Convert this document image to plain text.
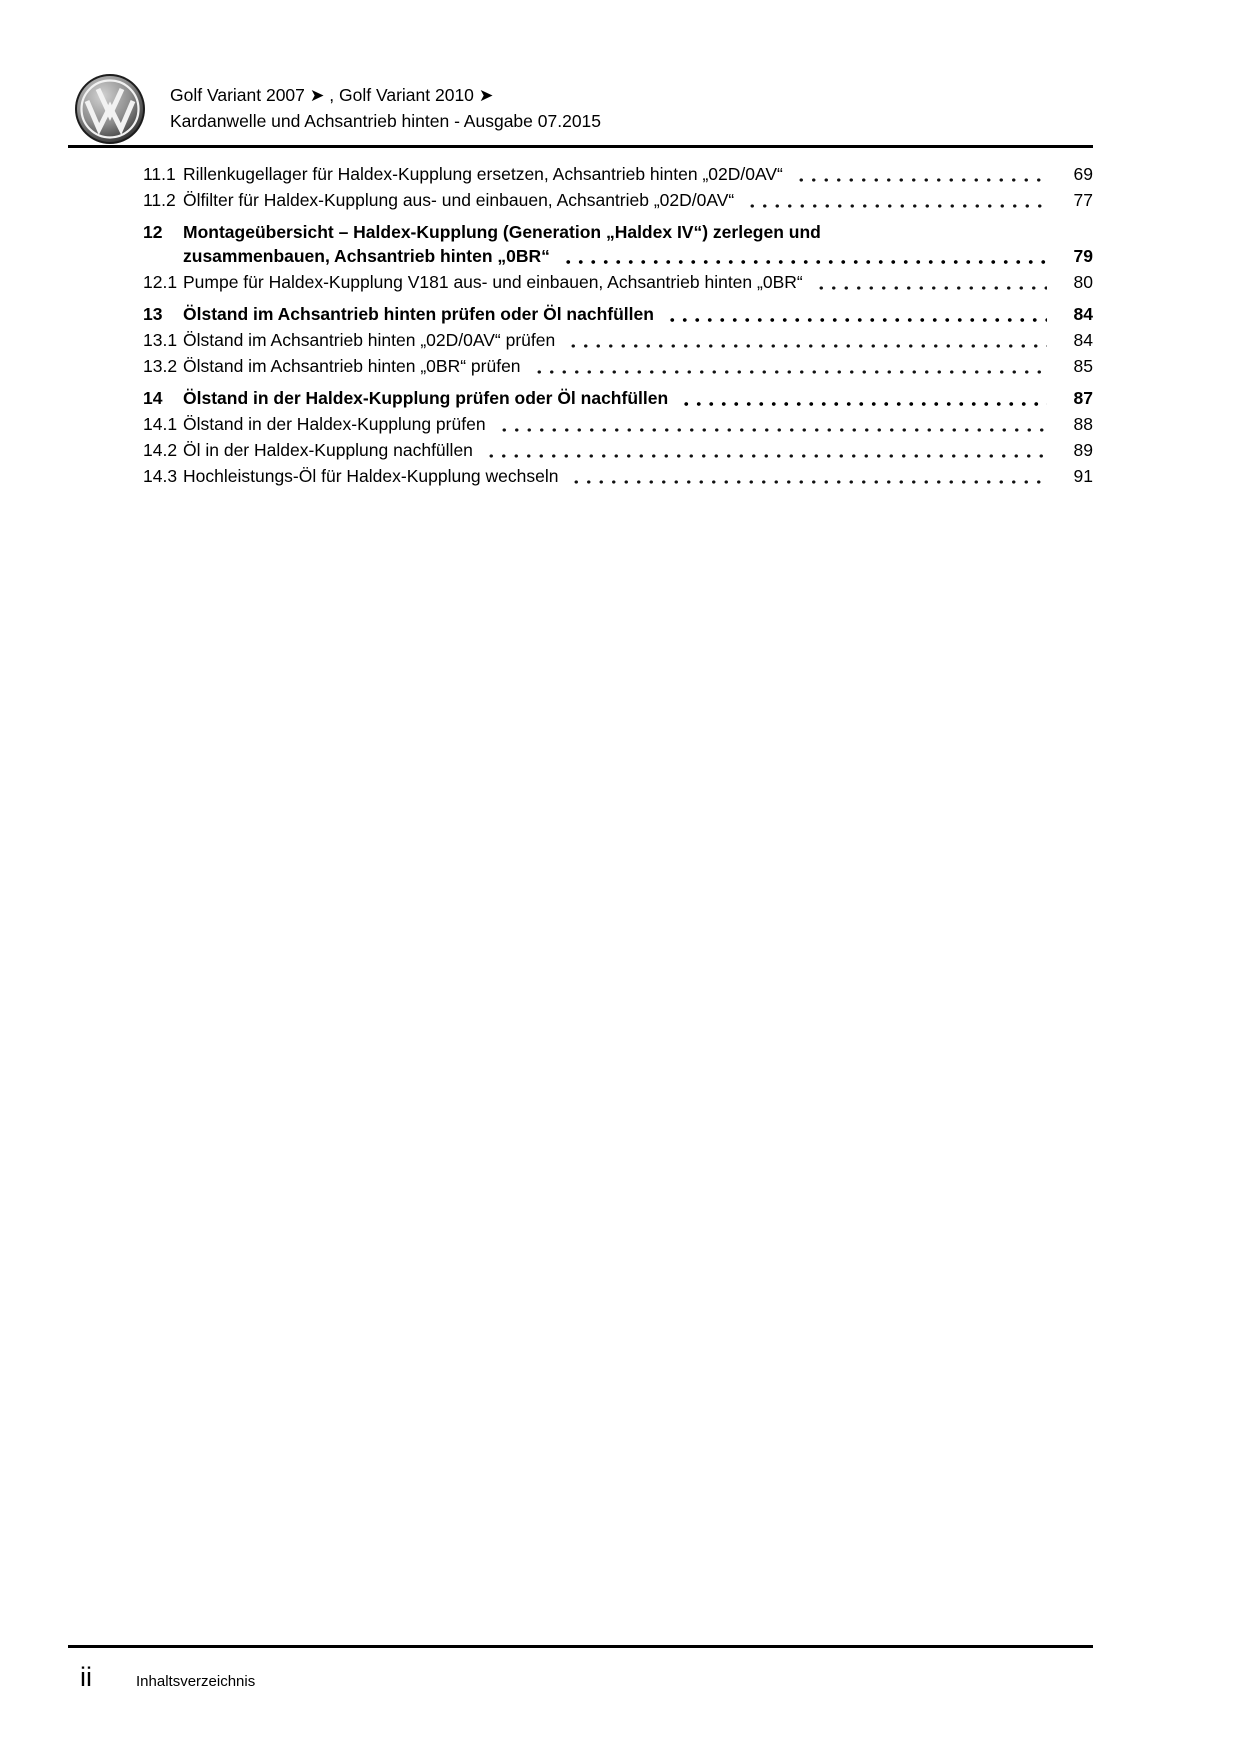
Golf Variant 2007 ➤ , Golf Variant 2010 ➤
Kardanwelle und Achsantrieb hinten - Ausgabe 07.2015
11.1 Rillenkugellager für Haldex-Kupplung ersetzen, Achsantrieb hinten „02D/0AV“	69
11.2 Ölfilter für Haldex-Kupplung aus- und einbauen, Achsantrieb „02D/0AV“	77
12	Montageübersicht – Haldex-Kupplung (Generation „Haldex IV“) zerlegen und
zusammenbauen, Achsantrieb hinten „0BR“	79
12.1 Pumpe für Haldex-Kupplung V181 aus- und einbauen, Achsantrieb hinten „0BR“	80
13	Ölstand im Achsantrieb hinten prüfen oder Öl nachfüllen	84
13.1 Ölstand im Achsantrieb hinten „02D/0AV“ prüfen	84
13.2 Ölstand im Achsantrieb hinten „0BR“ prüfen	85
14	Ölstand in der Haldex-Kupplung prüfen oder Öl nachfüllen	87
14.1 Ölstand in der Haldex-Kupplung prüfen	88
14.2 Öl in der Haldex-Kupplung nachfüllen	89
14.3 Hochleistungs-Öl für Haldex-Kupplung wechseln	91
ii	Inhaltsverzeichnis
